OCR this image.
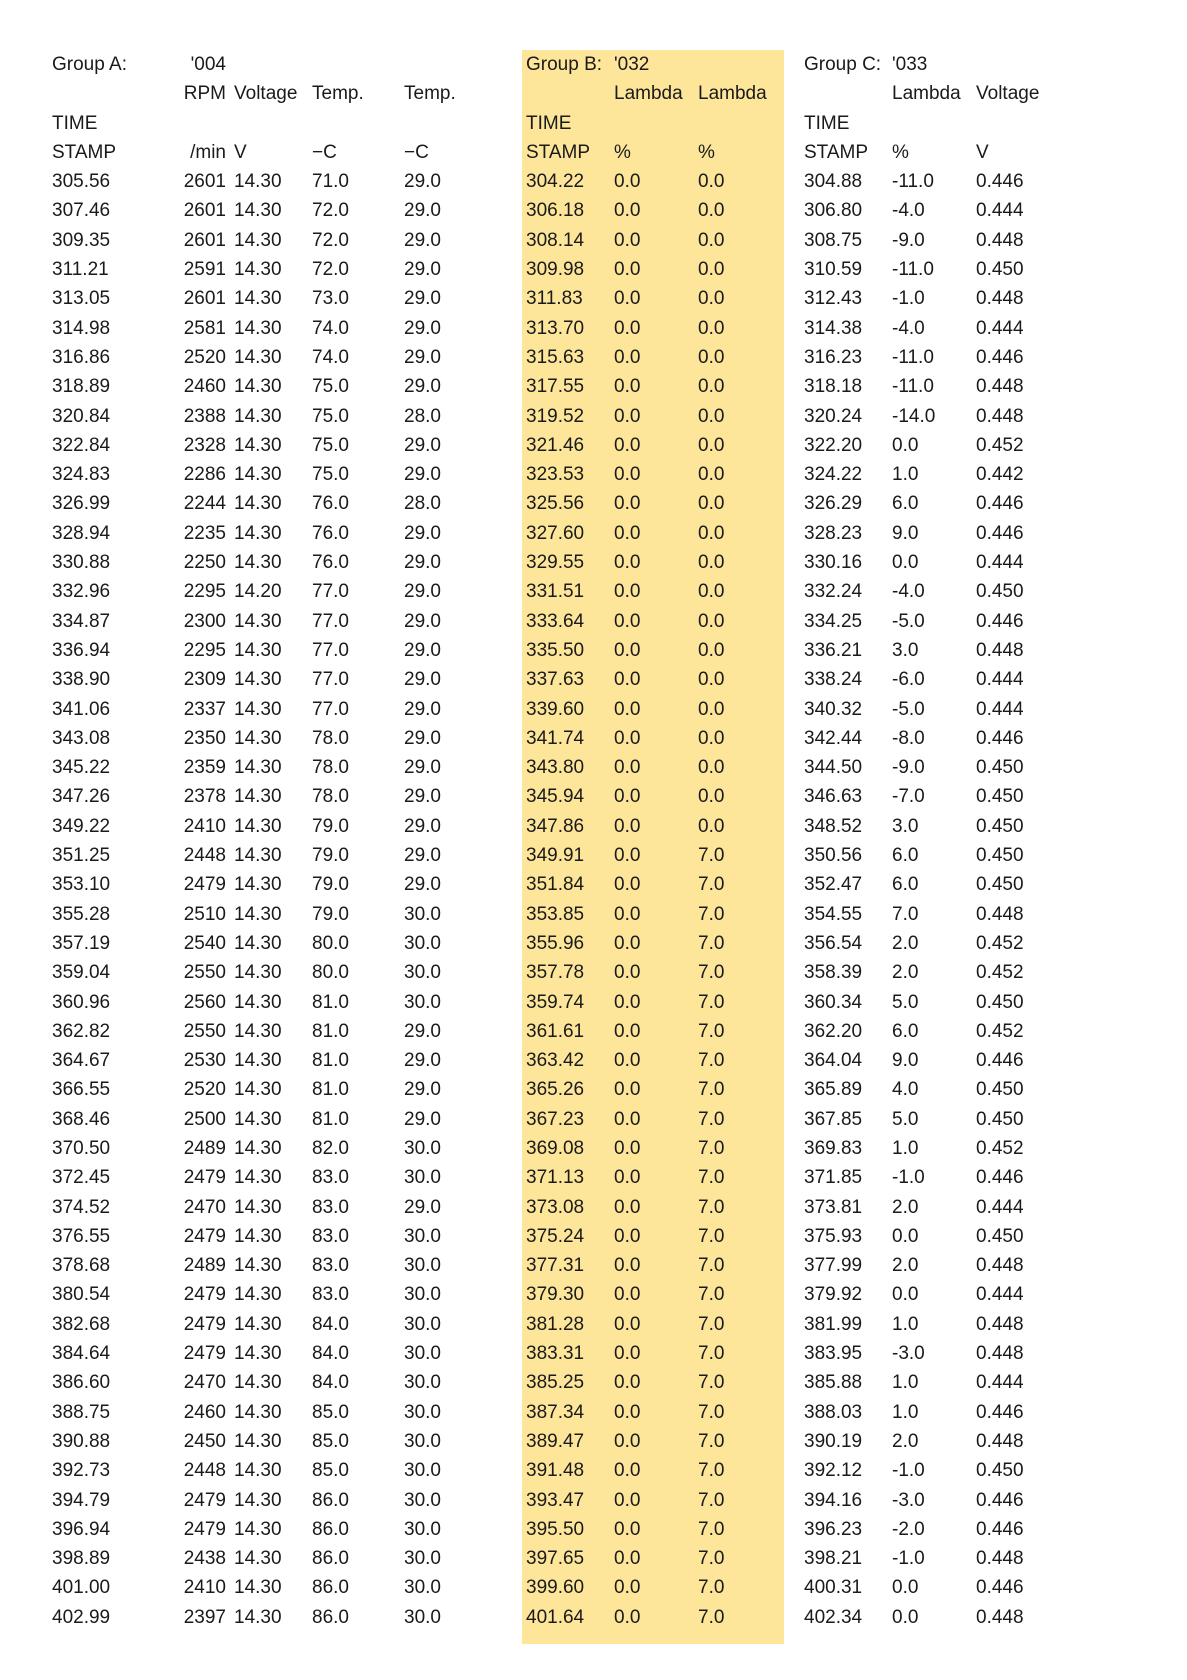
Group A:	'004			
	RPM	Voltage	Temp.	Temp.
TIME				
STAMP	/min	V	−C	−C
305.56	2601	14.30	71.0	29.0
307.46	2601	14.30	72.0	29.0
309.35	2601	14.30	72.0	29.0
311.21	2591	14.30	72.0	29.0
313.05	2601	14.30	73.0	29.0
314.98	2581	14.30	74.0	29.0
316.86	2520	14.30	74.0	29.0
318.89	2460	14.30	75.0	29.0
320.84	2388	14.30	75.0	28.0
322.84	2328	14.30	75.0	29.0
324.83	2286	14.30	75.0	29.0
326.99	2244	14.30	76.0	28.0
328.94	2235	14.30	76.0	29.0
330.88	2250	14.30	76.0	29.0
332.96	2295	14.20	77.0	29.0
334.87	2300	14.30	77.0	29.0
336.94	2295	14.30	77.0	29.0
338.90	2309	14.30	77.0	29.0
341.06	2337	14.30	77.0	29.0
343.08	2350	14.30	78.0	29.0
345.22	2359	14.30	78.0	29.0
347.26	2378	14.30	78.0	29.0
349.22	2410	14.30	79.0	29.0
351.25	2448	14.30	79.0	29.0
353.10	2479	14.30	79.0	29.0
355.28	2510	14.30	79.0	30.0
357.19	2540	14.30	80.0	30.0
359.04	2550	14.30	80.0	30.0
360.96	2560	14.30	81.0	30.0
362.82	2550	14.30	81.0	29.0
364.67	2530	14.30	81.0	29.0
366.55	2520	14.30	81.0	29.0
368.46	2500	14.30	81.0	29.0
370.50	2489	14.30	82.0	30.0
372.45	2479	14.30	83.0	30.0
374.52	2470	14.30	83.0	29.0
376.55	2479	14.30	83.0	30.0
378.68	2489	14.30	83.0	30.0
380.54	2479	14.30	83.0	30.0
382.68	2479	14.30	84.0	30.0
384.64	2479	14.30	84.0	30.0
386.60	2470	14.30	84.0	30.0
388.75	2460	14.30	85.0	30.0
390.88	2450	14.30	85.0	30.0
392.73	2448	14.30	85.0	30.0
394.79	2479	14.30	86.0	30.0
396.94	2479	14.30	86.0	30.0
398.89	2438	14.30	86.0	30.0
401.00	2410	14.30	86.0	30.0
402.99	2397	14.30	86.0	30.0
Group B:	'032	
	Lambda	Lambda
TIME		
STAMP	%	%
304.22	0.0	0.0
306.18	0.0	0.0
308.14	0.0	0.0
309.98	0.0	0.0
311.83	0.0	0.0
313.70	0.0	0.0
315.63	0.0	0.0
317.55	0.0	0.0
319.52	0.0	0.0
321.46	0.0	0.0
323.53	0.0	0.0
325.56	0.0	0.0
327.60	0.0	0.0
329.55	0.0	0.0
331.51	0.0	0.0
333.64	0.0	0.0
335.50	0.0	0.0
337.63	0.0	0.0
339.60	0.0	0.0
341.74	0.0	0.0
343.80	0.0	0.0
345.94	0.0	0.0
347.86	0.0	0.0
349.91	0.0	7.0
351.84	0.0	7.0
353.85	0.0	7.0
355.96	0.0	7.0
357.78	0.0	7.0
359.74	0.0	7.0
361.61	0.0	7.0
363.42	0.0	7.0
365.26	0.0	7.0
367.23	0.0	7.0
369.08	0.0	7.0
371.13	0.0	7.0
373.08	0.0	7.0
375.24	0.0	7.0
377.31	0.0	7.0
379.30	0.0	7.0
381.28	0.0	7.0
383.31	0.0	7.0
385.25	0.0	7.0
387.34	0.0	7.0
389.47	0.0	7.0
391.48	0.0	7.0
393.47	0.0	7.0
395.50	0.0	7.0
397.65	0.0	7.0
399.60	0.0	7.0
401.64	0.0	7.0
Group C:	'033	
	Lambda	Voltage
TIME		
STAMP	%	V
304.88	-11.0	0.446
306.80	-4.0	0.444
308.75	-9.0	0.448
310.59	-11.0	0.450
312.43	-1.0	0.448
314.38	-4.0	0.444
316.23	-11.0	0.446
318.18	-11.0	0.448
320.24	-14.0	0.448
322.20	0.0	0.452
324.22	1.0	0.442
326.29	6.0	0.446
328.23	9.0	0.446
330.16	0.0	0.444
332.24	-4.0	0.450
334.25	-5.0	0.446
336.21	3.0	0.448
338.24	-6.0	0.444
340.32	-5.0	0.444
342.44	-8.0	0.446
344.50	-9.0	0.450
346.63	-7.0	0.450
348.52	3.0	0.450
350.56	6.0	0.450
352.47	6.0	0.450
354.55	7.0	0.448
356.54	2.0	0.452
358.39	2.0	0.452
360.34	5.0	0.450
362.20	6.0	0.452
364.04	9.0	0.446
365.89	4.0	0.450
367.85	5.0	0.450
369.83	1.0	0.452
371.85	-1.0	0.446
373.81	2.0	0.444
375.93	0.0	0.450
377.99	2.0	0.448
379.92	0.0	0.444
381.99	1.0	0.448
383.95	-3.0	0.448
385.88	1.0	0.444
388.03	1.0	0.446
390.19	2.0	0.448
392.12	-1.0	0.450
394.16	-3.0	0.446
396.23	-2.0	0.446
398.21	-1.0	0.448
400.31	0.0	0.446
402.34	0.0	0.448
